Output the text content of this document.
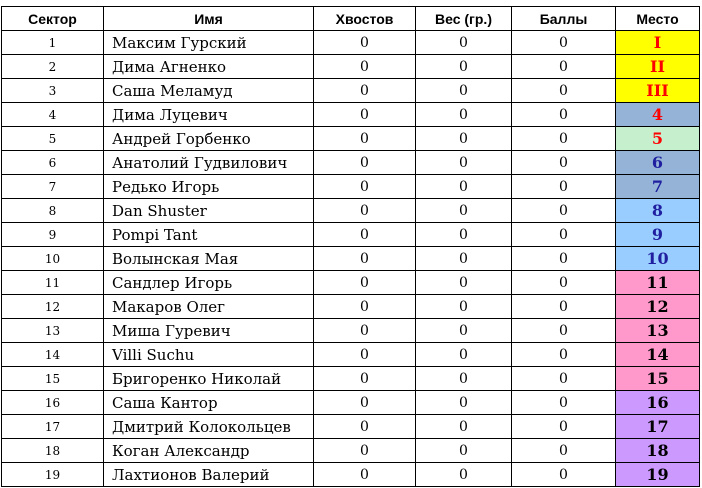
Сектор	Имя	Хвостов	Вес (гр.)	Баллы	Место
1	Максим Гурский	0	0	0	I
2	Дима Агненко	0	0	0	II
3	Саша Меламуд	0	0	0	III
4	Дима Луцевич	0	0	0	4
5	Андрей Горбенко	0	0	0	5
6	Анатолий Гудвилович	0	0	0	6
7	Редько Игорь	0	0	0	7
8	Dan Shuster	0	0	0	8
9	Pompi Tant	0	0	0	9
10	Волынская Мая	0	0	0	10
11	Сандлер Игорь	0	0	0	11
12	Макаров Олег	0	0	0	12
13	Миша Гуревич	0	0	0	13
14	Villi Suchu	0	0	0	14
15	Бригоренко Николай	0	0	0	15
16	Саша Кантор	0	0	0	16
17	Дмитрий Колокольцев	0	0	0	17
18	Коган Александр	0	0	0	18
19	Лахтионов Валерий	0	0	0	19
